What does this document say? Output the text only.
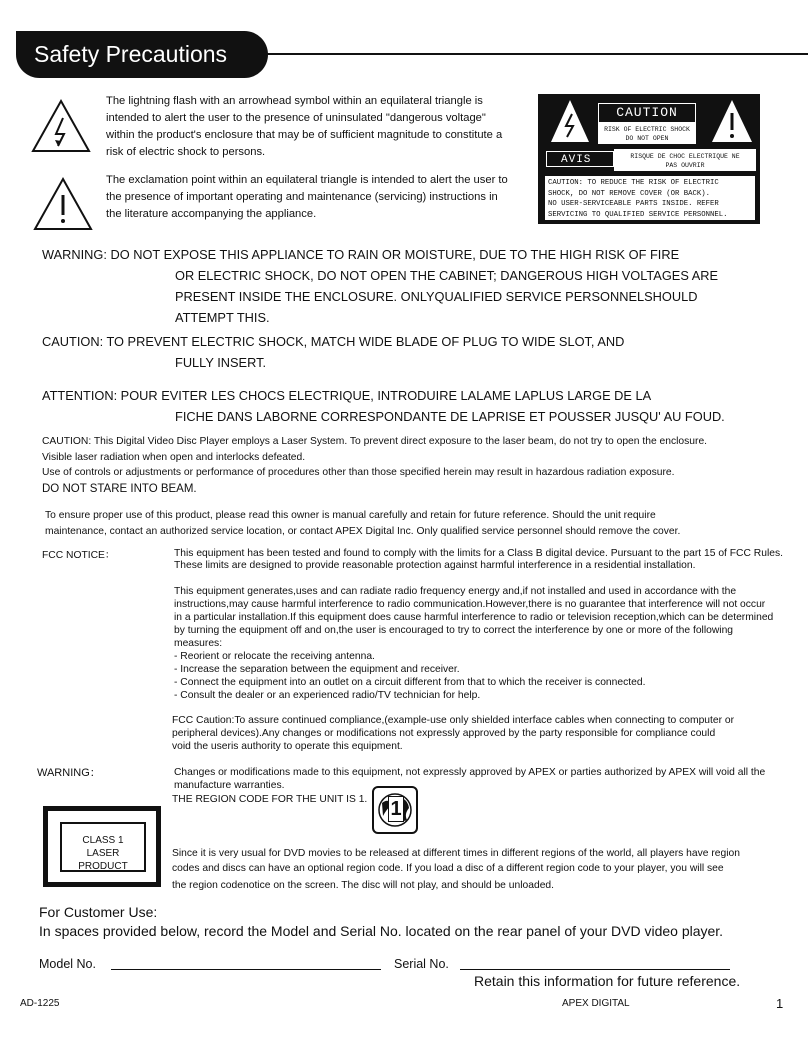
Safety Precautions
The lightning flash with an arrowhead symbol within an equilateral triangle is
intended to alert the user to the presence of uninsulated "dangerous voltage"
within the product's enclosure that may be of sufficient magnitude to constitute a
risk of electric shock to persons.
The exclamation point within an equilateral triangle is intended to alert the user to
the presence of important operating and maintenance (servicing) instructions in
the literature accompanying the appliance.
CAUTION
RISK OF ELECTRIC SHOCK
DO NOT OPEN
AVIS	RISQUE DE CHOC ELECTRIQUE NE
PAS OUVRIR
CAUTION: TO REDUCE THE RISK OF ELECTRIC
SHOCK, DO NOT REMOVE COVER (OR BACK).
NO USER-SERVICEABLE PARTS INSIDE. REFER
SERVICING TO QUALIFIED SERVICE PERSONNEL.
WARNING: DO NOT EXPOSE THIS APPLIANCE TO RAIN OR MOISTURE, DUE TO THE HIGH RISK OF FIRE
OR ELECTRIC SHOCK, DO NOT OPEN THE CABINET; DANGEROUS HIGH VOLTAGES ARE
PRESENT INSIDE THE ENCLOSURE. ONLYQUALIFIED SERVICE PERSONNELSHOULD
ATTEMPT THIS.
CAUTION: TO PREVENT ELECTRIC SHOCK, MATCH WIDE BLADE OF PLUG TO WIDE SLOT, AND
FULLY INSERT.
ATTENTION: POUR EVITER LES CHOCS ELECTRIQUE, INTRODUIRE LALAME LAPLUS LARGE DE LA
FICHE DANS LABORNE CORRESPONDANTE DE LAPRISE ET POUSSER JUSQU' AU FOUD.
CAUTION: This Digital Video Disc Player employs a Laser System. To prevent direct exposure to the laser beam, do not try to open the enclosure.
Visible laser radiation when open and interlocks defeated.
Use of controls or adjustments or performance of procedures other than those specified herein may result in hazardous radiation exposure.
DO NOT STARE INTO BEAM.
To ensure proper use of this product, please read this owner is manual carefully and retain for future reference. Should the unit require
maintenance, contact an authorized service location, or contact APEX Digital Inc. Only qualified service personnel should remove the cover.
FCC NOTICE：	This equipment has been tested and found to comply with the limits for a Class B digital device. Pursuant to the part 15 of FCC Rules.
These limits are designed to provide reasonable protection against harmful interference in a residential installation.
This equipment generates,uses and can radiate radio frequency energy and,if not installed and used in accordance with the
instructions,may cause harmful interference to radio communication.However,there is no guarantee that interference will not occur
in a particular installation.If this equipment does cause harmful interference to radio or television reception,which can be determined
by turning the equipment off and on,the user is encouraged to try to correct the interference by one or more of the following
measures:
- Reorient or relocate the receiving antenna.
- Increase the separation between the equipment and receiver.
- Connect the equipment into an outlet on a circuit different from that to which the receiver is connected.
- Consult the dealer or an experienced radio/TV technician for help.
FCC Caution:To assure continued compliance,(example-use only shielded interface cables when connecting to computer or
peripheral devices).Any changes or modifications not expressly approved by the party responsible for compliance could
void the useris authority to operate this equipment.
WARNING：	Changes or modifications made to this equipment, not expressly approved by APEX or parties authorized by APEX will void all the
manufacture warranties.
THE REGION CODE FOR THE UNIT IS 1. 1
CLASS 1
LASER PRODUCT
Since it is very usual for DVD movies to be released at different times in different regions of the world, all players have region
codes and discs can have an optional region code. If you load a disc of a different region code to your player, you will see
the region codenotice on the screen. The disc will not play, and should be unloaded.
For Customer Use:
In spaces provided below, record the Model and Serial No. located on the rear panel of your DVD video player.
Model No.	Serial No.
Retain this information for future reference.
AD-1225	APEX DIGITAL	1
